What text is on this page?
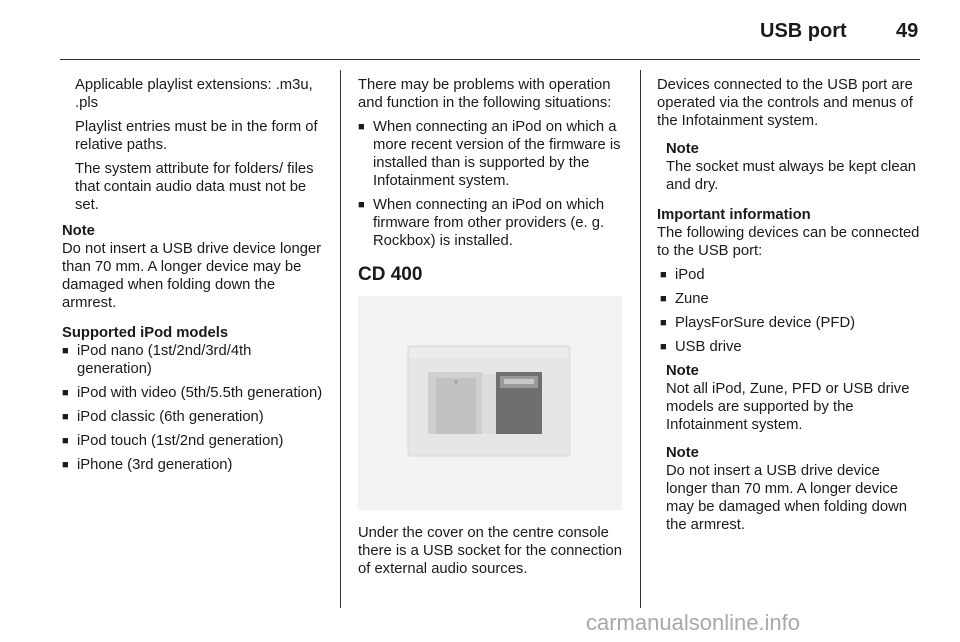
USB port 49

Applicable playlist extensions: .m3u, .pls

Playlist entries must be in the form of relative paths.

The system attribute for folders/ files that contain audio data must not be set.

Note

Do not insert a USB drive device longer than 70 mm. A longer device may be damaged when folding down the armrest.

Supported iPod models
■ iPod nano (1st/2nd/3rd/4th generation)
■ iPod with video (5th/5.5th generation)
■ iPod classic (6th generation)
■ iPod touch (1st/2nd generation)
■ iPhone (3rd generation)

There may be problems with operation and function in the following situations:

■ When connecting an iPod on which a more recent version of the firmware is installed than is supported by the Infotainment system.
■ When connecting an iPod on which firmware from other providers (e. g. Rockbox) is installed.
CD 400

Under the cover on the centre console there is a USB socket for the connection of external audio sources.

Devices connected to the USB port are operated via the controls and menus of the Infotainment system.

Note
The socket must always be kept clean and dry.
Important information

The following devices can be connected to the USB port:

■ iPod
■ Zune
■ PlaysForSure device (PFD)
■ USB drive
Note
Not all iPod, Zune, PFD or USB drive models are supported by the Infotainment system.
Note
Do not insert a USB drive device longer than 70 mm. A longer device may be damaged when folding down the armrest.
carmanualsonline.info
